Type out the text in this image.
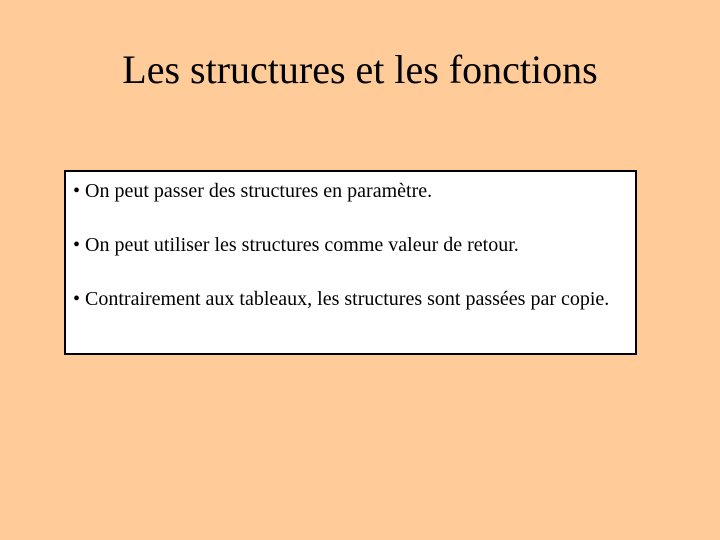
Les structures et les fonctions
• On peut passer des structures en paramètre.
• On peut utiliser les structures comme valeur de retour.
• Contrairement aux tableaux, les structures sont passées par copie.
